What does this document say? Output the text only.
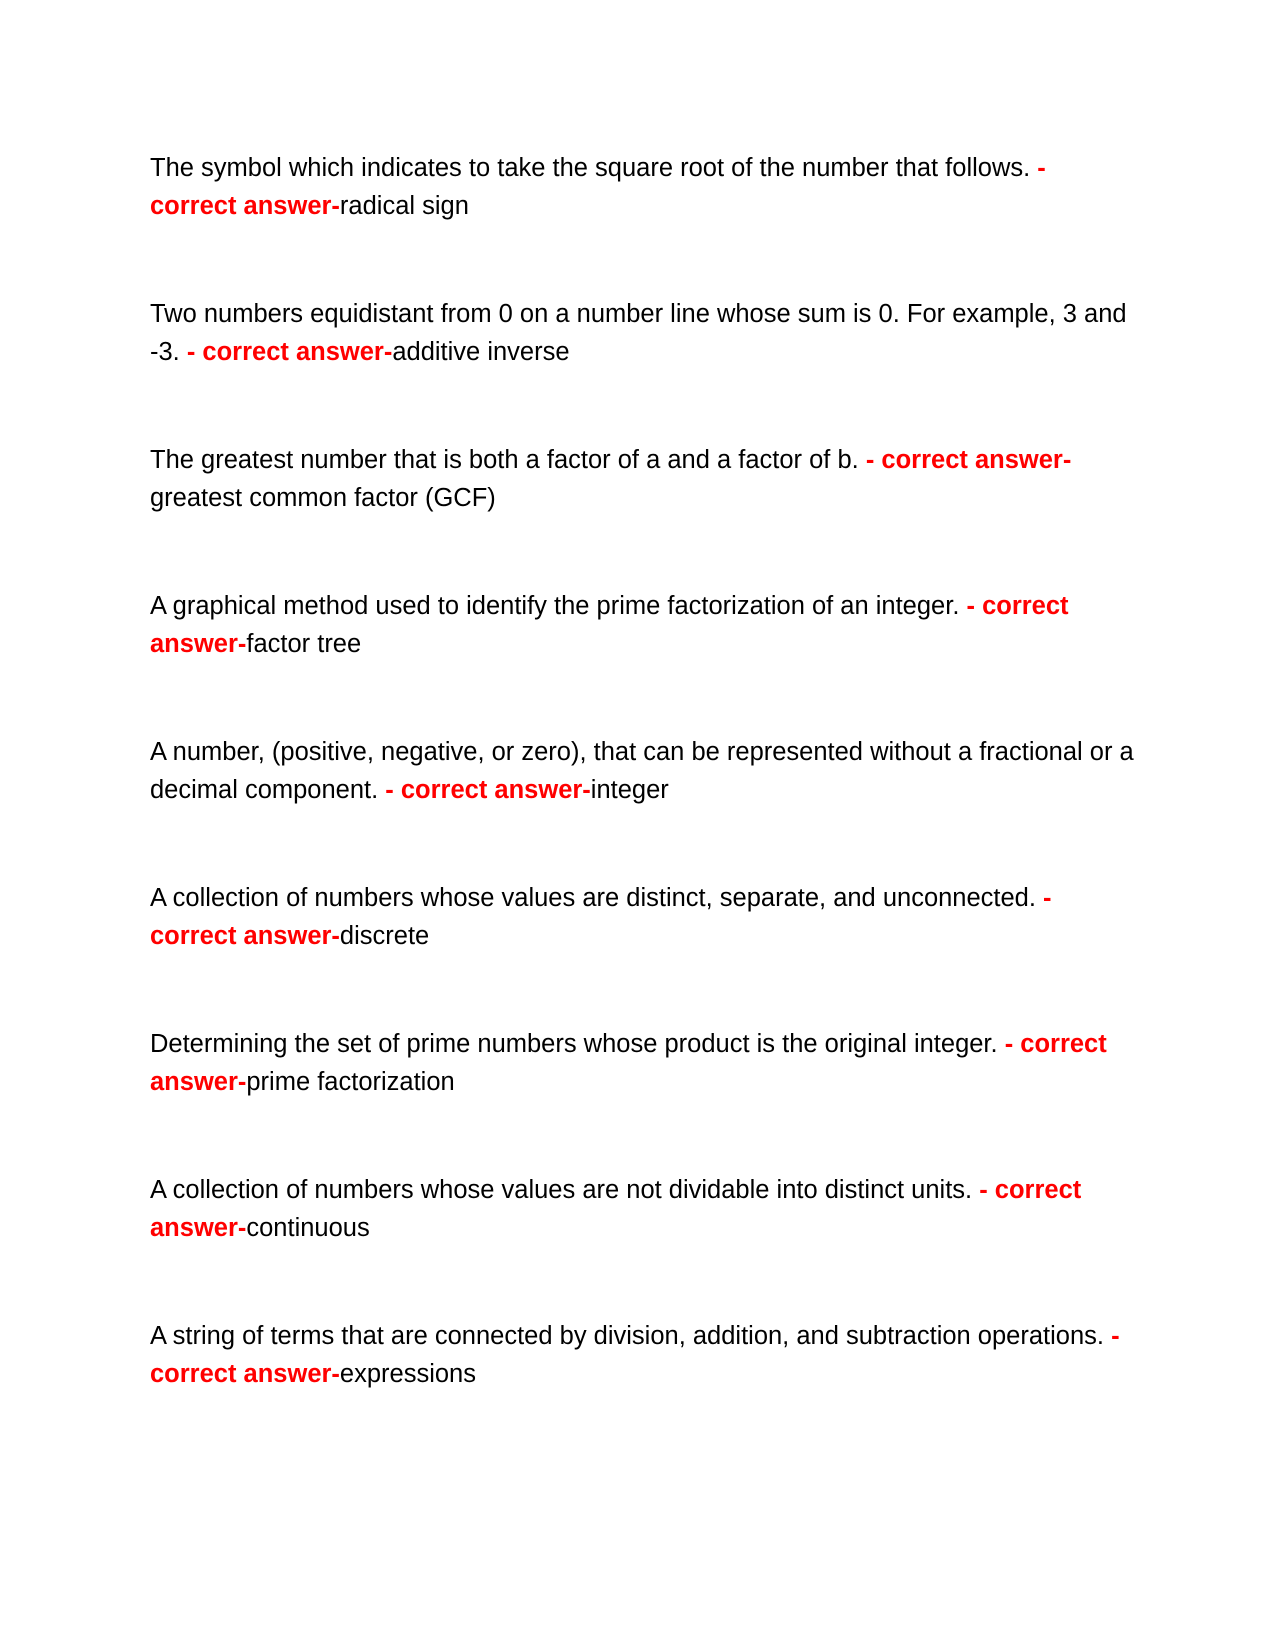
The symbol which indicates to take the square root of the number that follows. - correct answer-radical sign
Two numbers equidistant from 0 on a number line whose sum is 0. For example, 3 and -3. - correct answer-additive inverse
The greatest number that is both a factor of a and a factor of b. - correct answer-greatest common factor (GCF)
A graphical method used to identify the prime factorization of an integer. - correct answer-factor tree
A number, (positive, negative, or zero), that can be represented without a fractional or a decimal component. - correct answer-integer
A collection of numbers whose values are distinct, separate, and unconnected. - correct answer-discrete
Determining the set of prime numbers whose product is the original integer. - correct answer-prime factorization
A collection of numbers whose values are not dividable into distinct units. - correct answer-continuous
A string of terms that are connected by division, addition, and subtraction operations. - correct answer-expressions
